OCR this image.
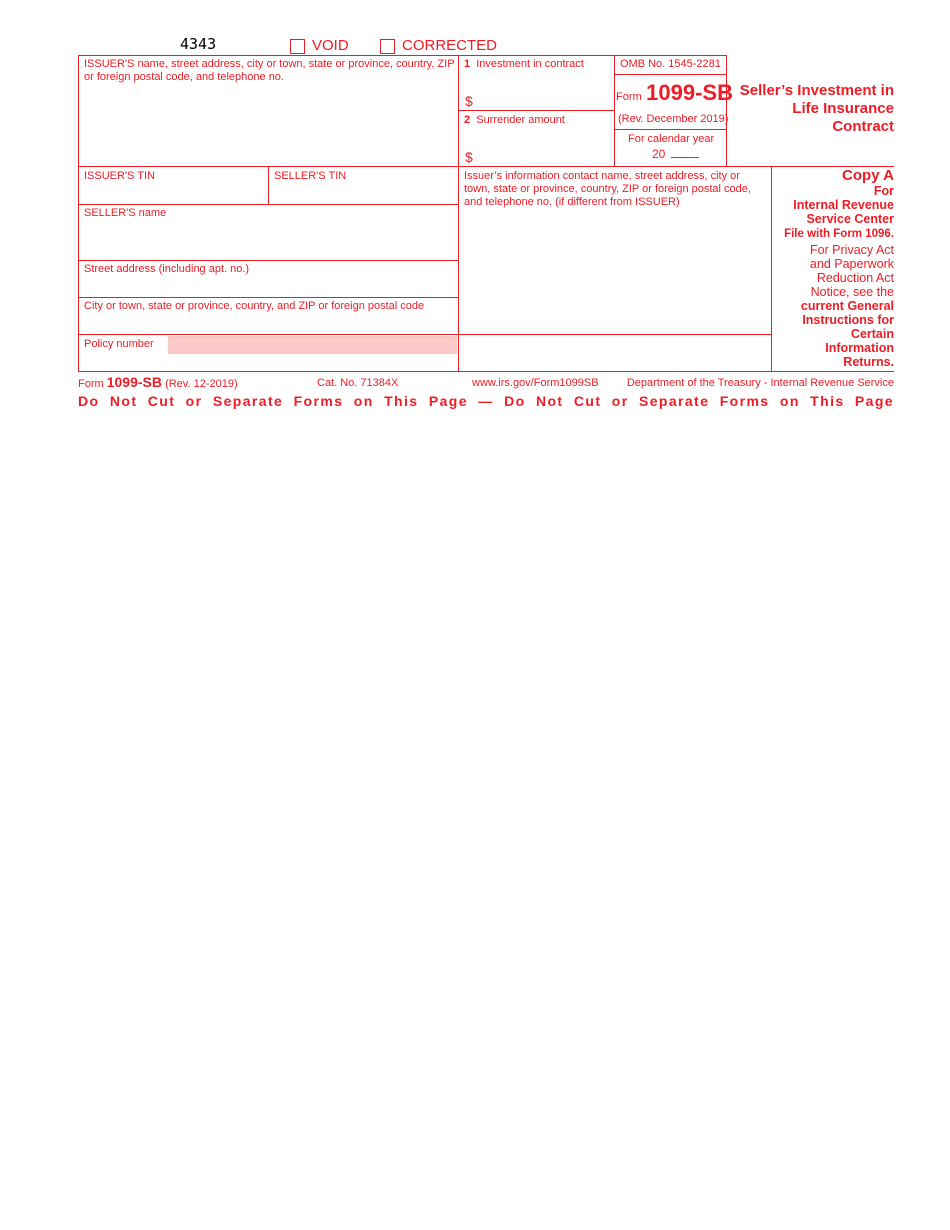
4343	VOID	CORRECTED
ISSUER'S name, street address, city or town, state or province, country, ZIP or foreign postal code, and telephone no.
1 Investment in contract
$
2 Surrender amount
$
OMB No. 1545-2281
Form 1099-SB
(Rev. December 2019)
For calendar year
20
Seller’s Investment in Life Insurance Contract
ISSUER'S TIN	SELLER'S TIN	Issuer’s information contact name, street address, city or town, state or province, country, ZIP or foreign postal code, and telephone no. (if different from ISSUER)
SELLER'S name
Street address (including apt. no.)
City or town, state or province, country, and ZIP or foreign postal code
Policy number
Copy A
For
Internal Revenue
Service Center
File with Form 1096.
For Privacy Act
and Paperwork
Reduction Act
Notice, see the
current General
Instructions for
Certain
Information
Returns.
Form 1099-SB (Rev. 12-2019)	Cat. No. 71384X	www.irs.gov/Form1099SB	Department of the Treasury - Internal Revenue Service
Do Not Cut or Separate Forms on This Page — Do Not Cut or Separate Forms on This Page
